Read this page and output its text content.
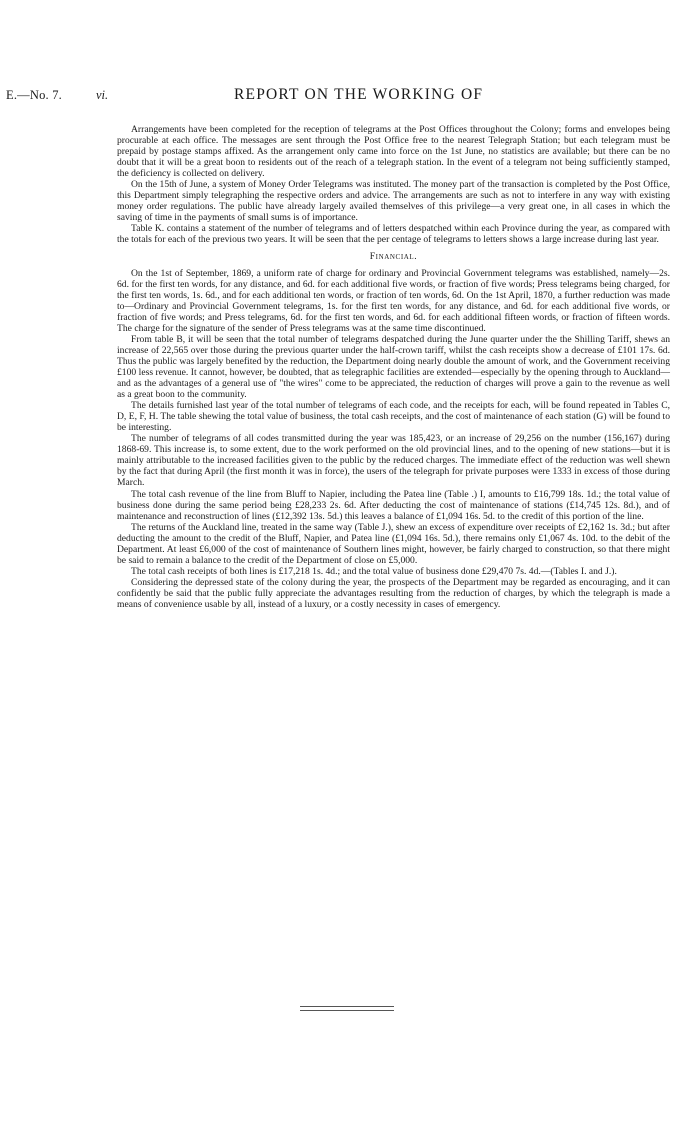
E.—No. 7.	vi.	REPORT ON THE WORKING OF

Arrangements have been completed for the reception of telegrams at the Post Offices throughout the Colony; forms and envelopes being procurable at each office. The messages are sent through the Post Office free to the nearest Telegraph Station; but each telegram must be prepaid by postage stamps affixed. As the arrangement only came into force on the 1st June, no statistics are available; but there can be no doubt that it will be a great boon to residents out of the reach of a telegraph station. In the event of a telegram not being sufficiently stamped, the deficiency is collected on delivery.

On the 15th of June, a system of Money Order Telegrams was instituted. The money part of the transaction is completed by the Post Office, this Department simply telegraphing the respective orders and advice. The arrangements are such as not to interfere in any way with existing money order regulations. The public have already largely availed themselves of this privilege—a very great one, in all cases in which the saving of time in the payments of small sums is of importance.

Table K. contains a statement of the number of telegrams and of letters despatched within each Province during the year, as compared with the totals for each of the previous two years. It will be seen that the per centage of telegrams to letters shows a large increase during last year.

Financial.

On the 1st of September, 1869, a uniform rate of charge for ordinary and Provincial Government telegrams was established, namely—2s. 6d. for the first ten words, for any distance, and 6d. for each additional five words, or fraction of five words; Press telegrams being charged, for the first ten words, 1s. 6d., and for each additional ten words, or fraction of ten words, 6d. On the 1st April, 1870, a further reduction was made to—Ordinary and Provincial Government telegrams, 1s. for the first ten words, for any distance, and 6d. for each additional five words, or fraction of five words; and Press telegrams, 6d. for the first ten words, and 6d. for each additional fifteen words, or fraction of fifteen words. The charge for the signature of the sender of Press telegrams was at the same time discontinued.

From table B, it will be seen that the total number of telegrams despatched during the June quarter under the the Shilling Tariff, shews an increase of 22,565 over those during the previous quarter under the half-crown tariff, whilst the cash receipts show a decrease of £101 17s. 6d. Thus the public was largely benefited by the reduction, the Department doing nearly double the amount of work, and the Government receiving £100 less revenue. It cannot, however, be doubted, that as telegraphic facilities are extended—especially by the opening through to Auckland—and as the advantages of a general use of "the wires" come to be appreciated, the reduction of charges will prove a gain to the revenue as well as a great boon to the community.

The details furnished last year of the total number of telegrams of each code, and the receipts for each, will be found repeated in Tables C, D, E, F, H. The table shewing the total value of business, the total cash receipts, and the cost of maintenance of each station (G) will be found to be interesting.

The number of telegrams of all codes transmitted during the year was 185,423, or an increase of 29,256 on the number (156,167) during 1868-69. This increase is, to some extent, due to the work performed on the old provincial lines, and to the opening of new stations—but it is mainly attributable to the increased facilities given to the public by the reduced charges. The immediate effect of the reduction was well shewn by the fact that during April (the first month it was in force), the users of the telegraph for private purposes were 1333 in excess of those during March.

The total cash revenue of the line from Bluff to Napier, including the Patea line (Table .) I, amounts to £16,799 18s. 1d.; the total value of business done during the same period being £28,233 2s. 6d. After deducting the cost of maintenance of stations (£14,745 12s. 8d.), and of maintenance and reconstruction of lines (£12,392 13s. 5d.) this leaves a balance of £1,094 16s. 5d. to the credit of this portion of the line.

The returns of the Auckland line, treated in the same way (Table J.), shew an excess of expenditure over receipts of £2,162 1s. 3d.; but after deducting the amount to the credit of the Bluff, Napier, and Patea line (£1,094 16s. 5d.), there remains only £1,067 4s. 10d. to the debit of the Department. At least £6,000 of the cost of maintenance of Southern lines might, however, be fairly charged to construction, so that there might be said to remain a balance to the credit of the Department of close on £5,000.

The total cash receipts of both lines is £17,218 1s. 4d.; and the total value of business done £29,470 7s. 4d.—(Tables I. and J.).

Considering the depressed state of the colony during the year, the prospects of the Department may be regarded as encouraging, and it can confidently be said that the public fully appreciate the advantages resulting from the reduction of charges, by which the telegraph is made a means of convenience usable by all, instead of a luxury, or a costly necessity in cases of emergency.
